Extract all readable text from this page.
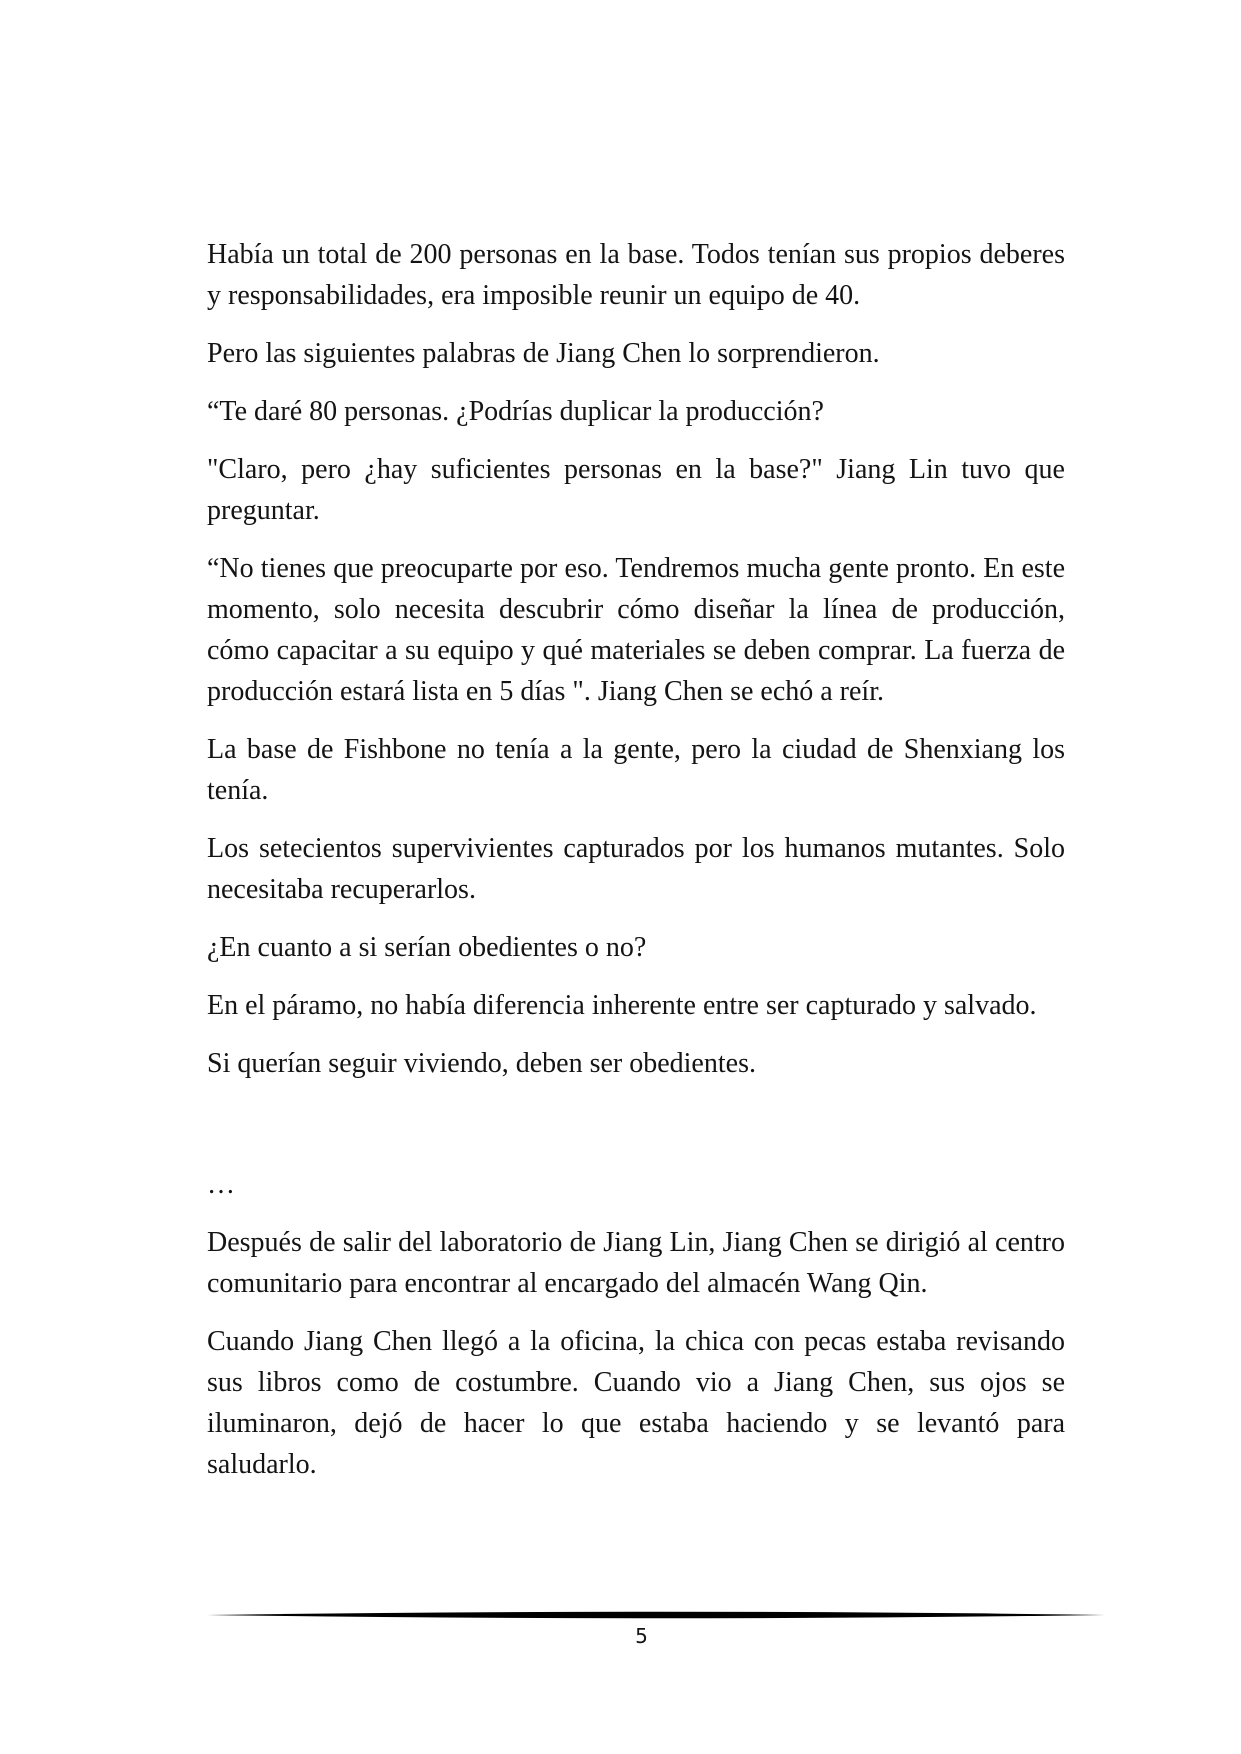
Había un total de 200 personas en la base. Todos tenían sus propios deberes y responsabilidades, era imposible reunir un equipo de 40.

Pero las siguientes palabras de Jiang Chen lo sorprendieron.

“Te daré 80 personas. ¿Podrías duplicar la producción?

"Claro, pero ¿hay suficientes personas en la base?" Jiang Lin tuvo que preguntar.

“No tienes que preocuparte por eso. Tendremos mucha gente pronto. En este momento, solo necesita descubrir cómo diseñar la línea de producción, cómo capacitar a su equipo y qué materiales se deben comprar. La fuerza de producción estará lista en 5 días ". Jiang Chen se echó a reír.

La base de Fishbone no tenía a la gente, pero la ciudad de Shenxiang los tenía.

Los setecientos supervivientes capturados por los humanos mutantes. Solo necesitaba recuperarlos.

¿En cuanto a si serían obedientes o no?

En el páramo, no había diferencia inherente entre ser capturado y salvado.

Si querían seguir viviendo, deben ser obedientes.

…

Después de salir del laboratorio de Jiang Lin, Jiang Chen se dirigió al centro comunitario para encontrar al encargado del almacén Wang Qin.

Cuando Jiang Chen llegó a la oficina, la chica con pecas estaba revisando sus libros como de costumbre. Cuando vio a Jiang Chen, sus ojos se iluminaron, dejó de hacer lo que estaba haciendo y se levantó para saludarlo.

5
